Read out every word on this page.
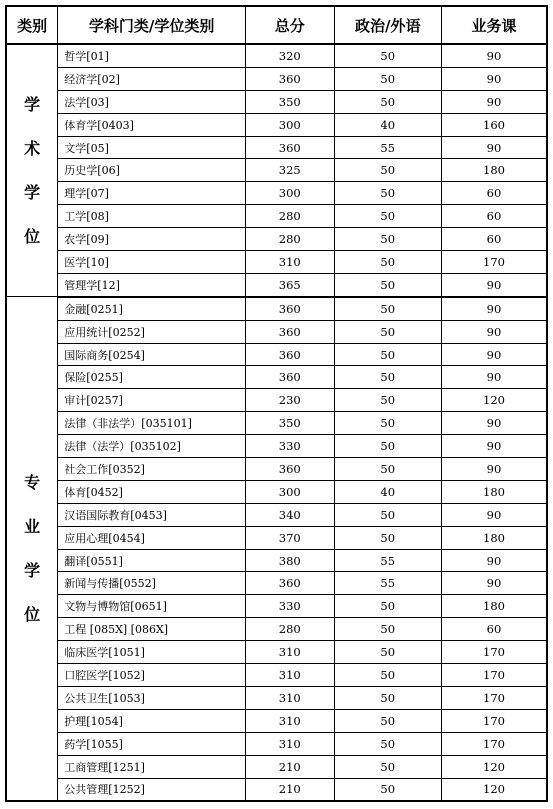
类别	学科门类/学位类别	总分	政治/外语	业务课

学
术
学
位	哲学[01]	320	50	90
	经济学[02]	360	50	90
	法学[03]	350	50	90
	体育学[0403]	300	40	160
	文学[05]	360	55	90
	历史学[06]	325	50	180
	理学[07]	300	50	60
	工学[08]	280	50	60
	农学[09]	280	50	60
	医学[10]	310	50	170
	管理学[12]	365	50	90

专
业
学
位	金融[0251]	360	50	90
	应用统计[0252]	360	50	90
	国际商务[0254]	360	50	90
	保险[0255]	360	50	90
	审计[0257]	230	50	120
	法律（非法学）[035101]	350	50	90
	法律（法学）[035102]	330	50	90
	社会工作[0352]	360	50	90
	体育[0452]	300	40	180
	汉语国际教育[0453]	340	50	90
	应用心理[0454]	370	50	180
	翻译[0551]	380	55	90
	新闻与传播[0552]	360	55	90
	文物与博物馆[0651]	330	50	180
	工程 [085X] [086X]	280	50	60
	临床医学[1051]	310	50	170
	口腔医学[1052]	310	50	170
	公共卫生[1053]	310	50	170
	护理[1054]	310	50	170
	药学[1055]	310	50	170
	工商管理[1251]	210	50	120
	公共管理[1252]	210	50	120
